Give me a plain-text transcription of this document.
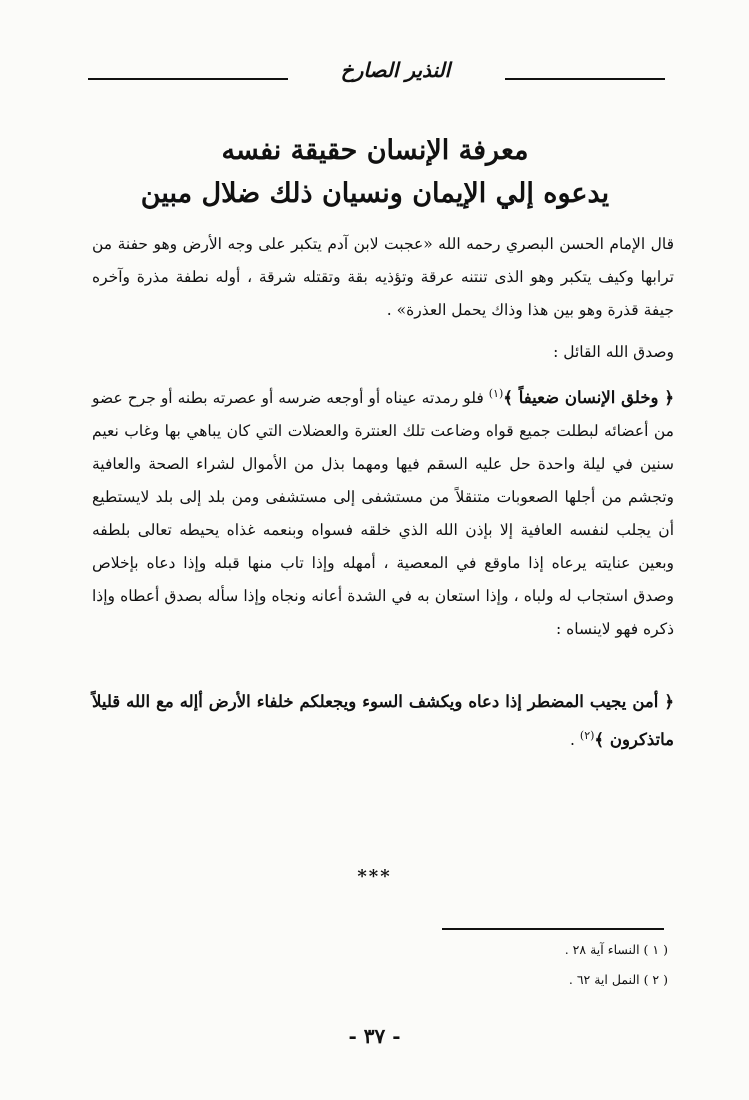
النذير الصارخ
معرفة الإنسان حقيقة نفسه
يدعوه إلي الإيمان ونسيان ذلك ضلال مبين

قال الإمام الحسن البصري رحمه الله «عجبت لابن آدم يتكبر على وجه الأرض وهو حفنة من ترابها وكيف يتكبر وهو الذى تنتنه عرقة وتؤذيه بقة وتقتله شرقة ، أوله نطفة مذرة وآخره جيفة قذرة وهو بين هذا وذاك يحمل العذرة» .

وصدق الله القائل :

﴿ وخلق الإنسان ضعيفاً ﴾$^{(١)}$ فلو رمدته عيناه أو أوجعه ضرسه أو عصرته بطنه أو جرح عضو من أعضائه لبطلت جميع قواه وضاعت تلك العنترة والعضلات التي كان يباهي بها وغاب نعيم سنين في ليلة واحدة حل عليه السقم فيها ومهما بذل من الأموال لشراء الصحة والعافية وتجشم من أجلها الصعوبات متنقلاً من مستشفى إلى مستشفى ومن بلد إلى بلد لايستطيع أن يجلب لنفسه العافية إلا بإذن الله الذي خلقه فسواه وبنعمه غذاه يحيطه تعالى بلطفه وبعين عنايته يرعاه إذا ماوقع في المعصية ، أمهله وإذا تاب منها قبله وإذا دعاه بإخلاص وصدق استجاب له ولباه ، وإذا استعان به في الشدة أعانه ونجاه وإذا سأله بصدق أعطاه وإذا ذكره فهو لاينساه :

﴿ أمن يجيب المضطر إذا دعاه ويكشف السوء ويجعلكم خلفاء الأرض أإله مع الله قليلاً ماتذكرون ﴾$^{(٢)}$ .

***
( ١ ) النساء آية ٢٨ .
( ٢ ) النمل اية ٦٢ .
- ٣٧ -
